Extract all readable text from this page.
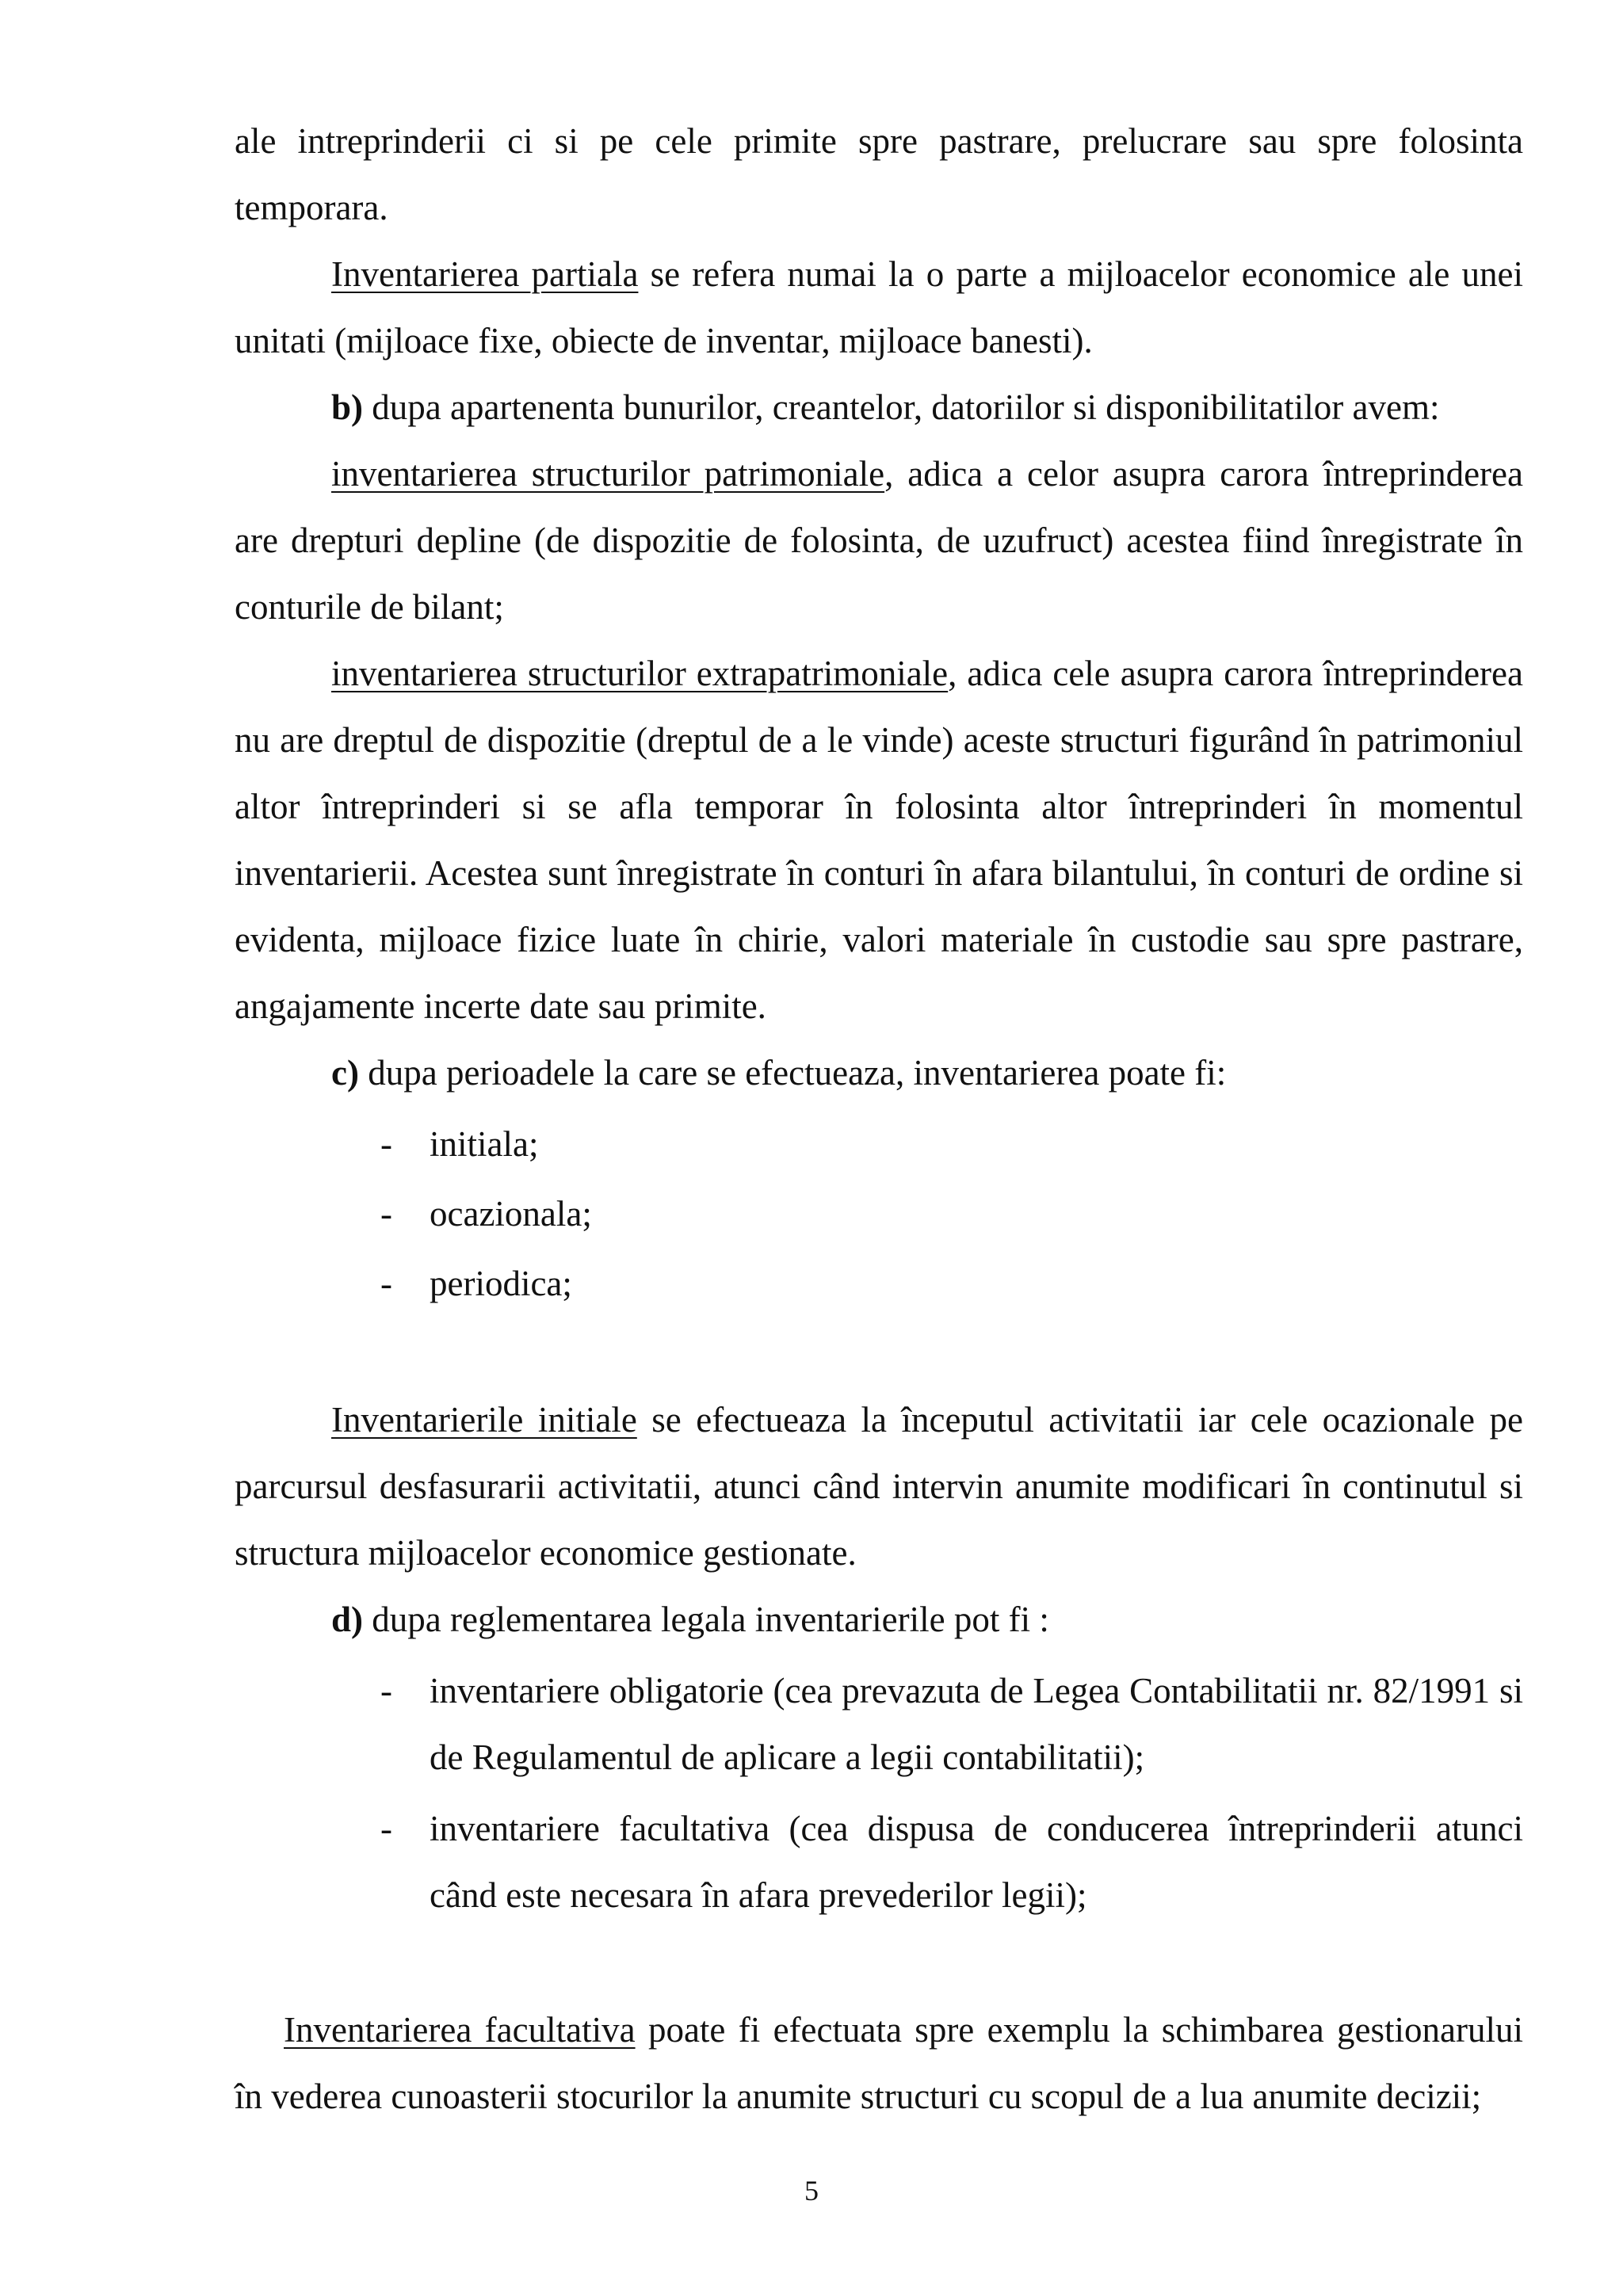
ale intreprinderii ci si pe cele primite spre pastrare, prelucrare sau spre folosinta temporara.

Inventarierea partiala se refera numai la o parte a mijloacelor economice ale unei unitati (mijloace fixe, obiecte de inventar, mijloace banesti).

b) dupa apartenenta bunurilor, creantelor, datoriilor si disponibilitatilor avem:

inventarierea structurilor patrimoniale, adica a celor asupra carora întreprinderea are drepturi depline (de dispozitie de folosinta, de uzufruct) acestea fiind înregistrate în conturile de bilant;

inventarierea structurilor extrapatrimoniale, adica cele asupra carora întreprinderea nu are dreptul de dispozitie (dreptul de a le vinde) aceste structuri figurând în patrimoniul altor întreprinderi si se afla temporar în folosinta altor întreprinderi în momentul inventarierii. Acestea sunt înregistrate în conturi în afara bilantului, în conturi de ordine si evidenta, mijloace fizice luate în chirie, valori materiale în custodie sau spre pastrare, angajamente incerte date sau primite.

c) dupa perioadele la care se efectueaza, inventarierea poate fi:

- initiala;
- ocazionala;
- periodica;

Inventarierile initiale se efectueaza la începutul activitatii iar cele ocazionale pe parcursul desfasurarii activitatii, atunci când intervin anumite modificari în continutul si structura mijloacelor economice gestionate.

d) dupa reglementarea legala inventarierile pot fi :

- inventariere obligatorie (cea prevazuta de Legea Contabilitatii nr. 82/1991 si de Regulamentul de aplicare a legii contabilitatii);

- inventariere facultativa (cea dispusa de conducerea întreprinderii atunci când este necesara în afara prevederilor legii);

Inventarierea facultativa poate fi efectuata spre exemplu la schimbarea gestionarului în vederea cunoasterii stocurilor la anumite structuri cu scopul de a lua anumite decizii;

5
